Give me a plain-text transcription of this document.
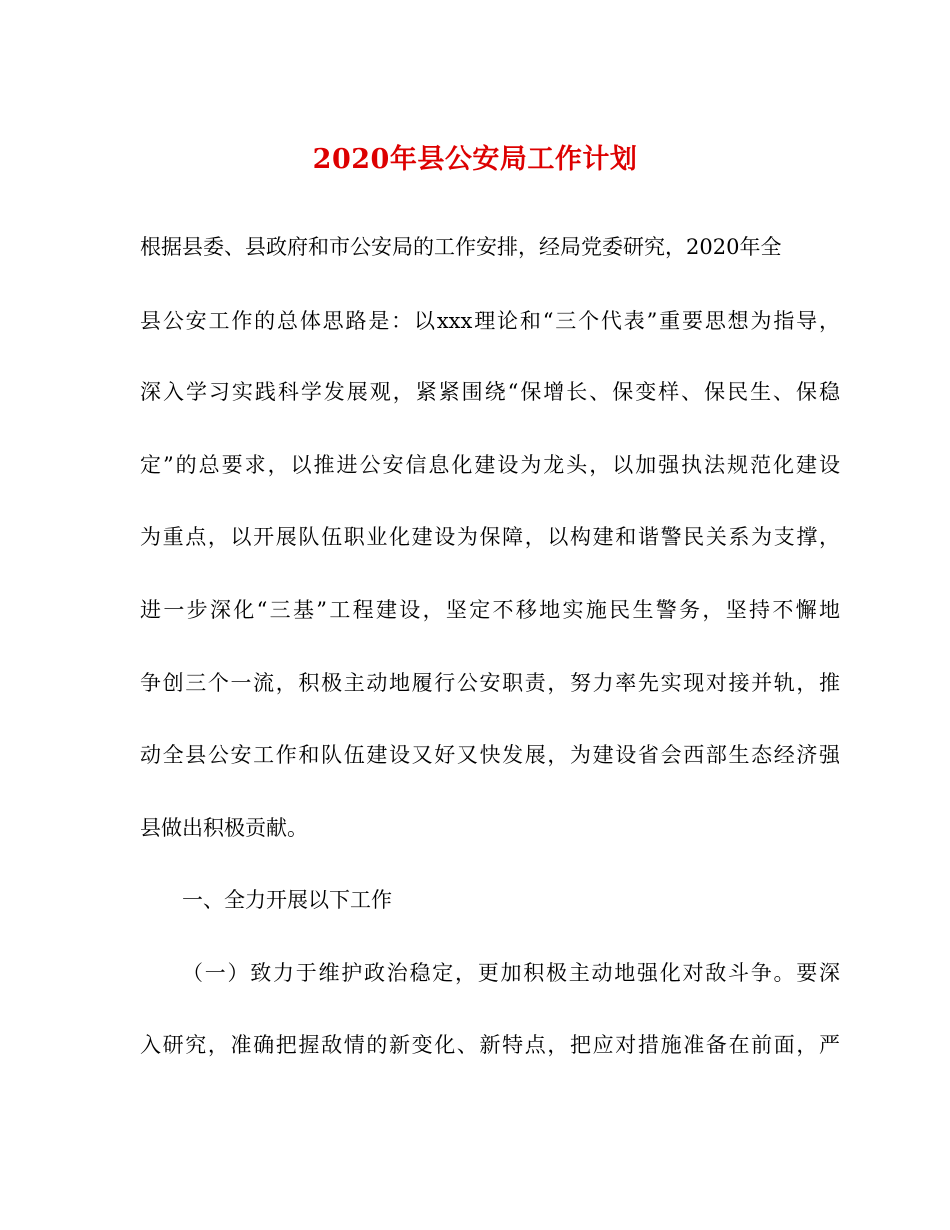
2020年县公安局工作计划
根据县委、县政府和市公安局的工作安排，经局党委研究，2020年全
县公安工作的总体思路是：以xxx理论和“三个代表”重要思想为指导，
深入学习实践科学发展观，紧紧围绕“保增长、保变样、保民生、保稳
定”的总要求，以推进公安信息化建设为龙头，以加强执法规范化建设
为重点，以开展队伍职业化建设为保障，以构建和谐警民关系为支撑，
进一步深化“三基”工程建设，坚定不移地实施民生警务，坚持不懈地
争创三个一流，积极主动地履行公安职责，努力率先实现对接并轨，推
动全县公安工作和队伍建设又好又快发展，为建设省会西部生态经济强
县做出积极贡献。
一、全力开展以下工作
（一）致力于维护政治稳定，更加积极主动地强化对敌斗争。要深
入研究，准确把握敌情的新变化、新特点，把应对措施准备在前面，严
